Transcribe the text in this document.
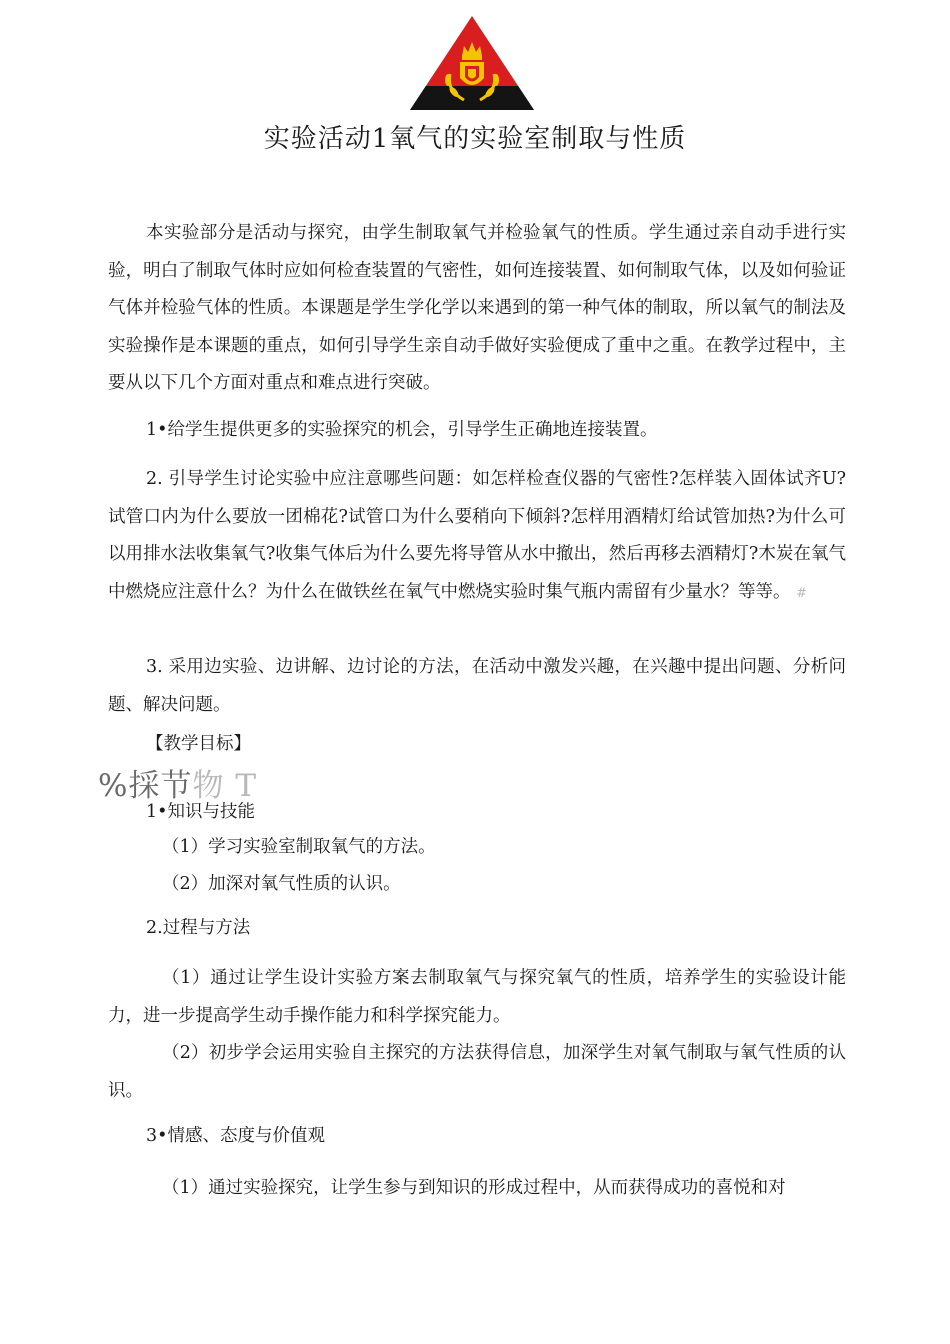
实验活动1氧气的实验室制取与性质

本实验部分是活动与探究，由学生制取氧气并检验氧气的性质。学生通过亲自动手进行实验，明白了制取气体时应如何检查装置的气密性，如何连接装置、如何制取气体，以及如何验证气体并检验气体的性质。本课题是学生学化学以来遇到的第一种气体的制取，所以氧气的制法及实验操作是本课题的重点，如何引导学生亲自动手做好实验便成了重中之重。在教学过程中，主要从以下几个方面对重点和难点进行突破。

1•给学生提供更多的实验探究的机会，引导学生正确地连接装置。

2. 引导学生讨论实验中应注意哪些问题：如怎样检查仪器的气密性?怎样装入固体试齐U?试管口内为什么要放一团棉花?试管口为什么要稍向下倾斜?怎样用酒精灯给试管加热?为什么可以用排水法收集氧气?收集气体后为什么要先将导管从水中撤出，然后再移去酒精灯?木炭在氧气中燃烧应注意什么？为什么在做铁丝在氧气中燃烧实验时集气瓶内需留有少量水？等等。 #

3. 采用边实验、边讲解、边讨论的方法，在活动中激发兴趣，在兴趣中提出问题、分析问题、解决问题。

【教学目标】

%採节物 T

1•知识与技能

（1）学习实验室制取氧气的方法。

（2）加深对氧气性质的认识。

2.过程与方法

（1）通过让学生设计实验方案去制取氧气与探究氧气的性质，培养学生的实验设计能力，进一步提高学生动手操作能力和科学探究能力。

（2）初步学会运用实验自主探究的方法获得信息，加深学生对氧气制取与氧气性质的认识。

3•情感、态度与价值观

（1）通过实验探究，让学生参与到知识的形成过程中，从而获得成功的喜悦和对
